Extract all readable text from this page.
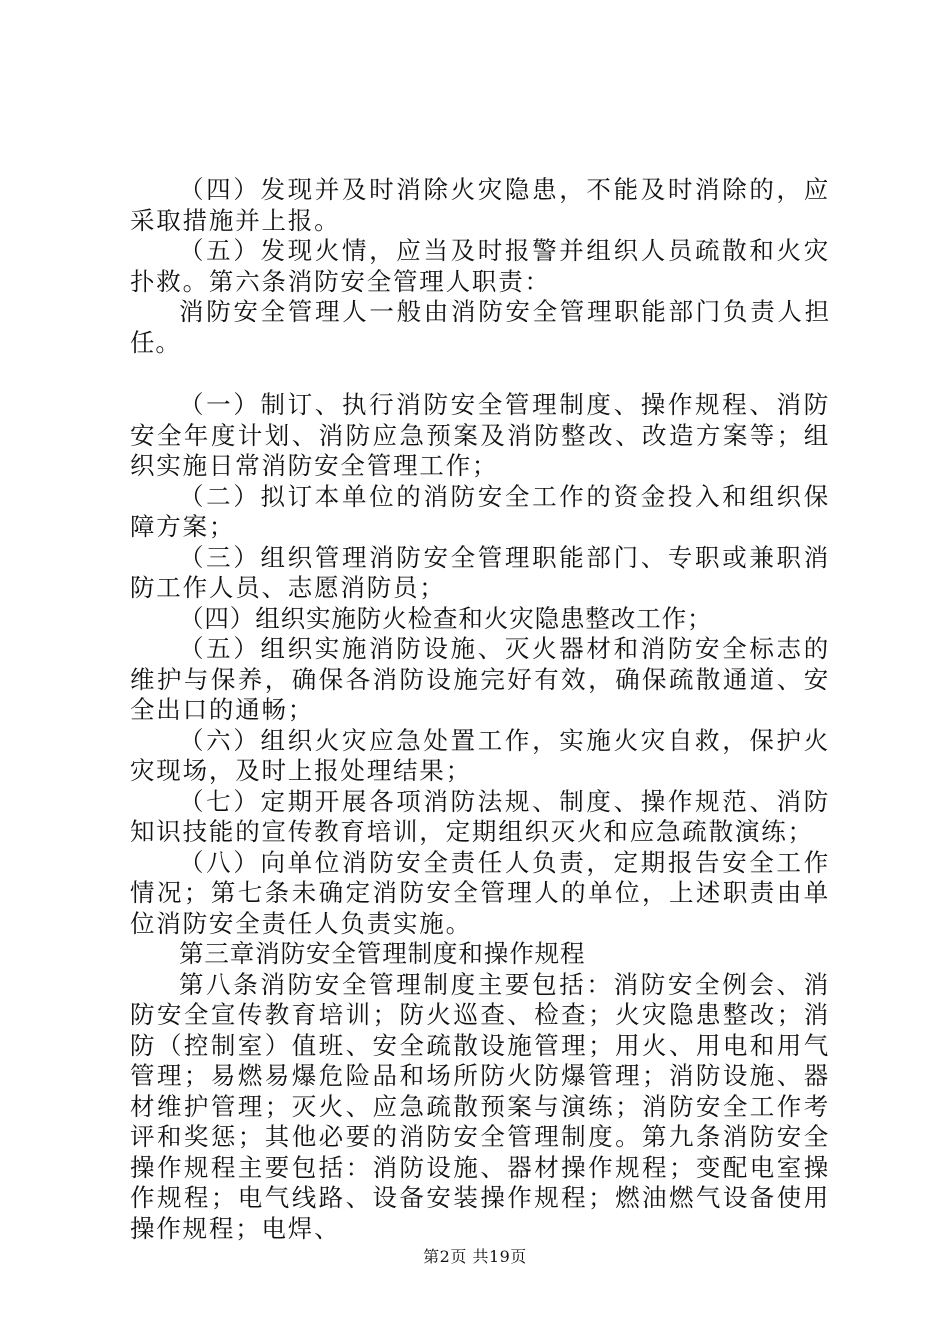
（四）发现并及时消除火灾隐患，不能及时消除的，应采取措施并上报。

（五）发现火情，应当及时报警并组织人员疏散和火灾扑救。第六条消防安全管理人职责：

消防安全管理人一般由消防安全管理职能部门负责人担任。

（一）制订、执行消防安全管理制度、操作规程、消防安全年度计划、消防应急预案及消防整改、改造方案等；组织实施日常消防安全管理工作；

（二）拟订本单位的消防安全工作的资金投入和组织保障方案；

（三）组织管理消防安全管理职能部门、专职或兼职消防工作人员、志愿消防员；

（四）组织实施防火检查和火灾隐患整改工作；

（五）组织实施消防设施、灭火器材和消防安全标志的维护与保养，确保各消防设施完好有效，确保疏散通道、安全出口的通畅；

（六）组织火灾应急处置工作，实施火灾自救，保护火灾现场，及时上报处理结果；

（七）定期开展各项消防法规、制度、操作规范、消防知识技能的宣传教育培训，定期组织灭火和应急疏散演练；

（八）向单位消防安全责任人负责，定期报告安全工作情况；第七条未确定消防安全管理人的单位，上述职责由单位消防安全责任人负责实施。

第三章消防安全管理制度和操作规程

第八条消防安全管理制度主要包括：消防安全例会、消防安全宣传教育培训；防火巡查、检查；火灾隐患整改；消防（控制室）值班、安全疏散设施管理；用火、用电和用气管理；易燃易爆危险品和场所防火防爆管理；消防设施、器材维护管理；灭火、应急疏散预案与演练；消防安全工作考评和奖惩；其他必要的消防安全管理制度。第九条消防安全操作规程主要包括：消防设施、器材操作规程；变配电室操作规程；电气线路、设备安装操作规程；燃油燃气设备使用操作规程；电焊、

第2页 共19页
